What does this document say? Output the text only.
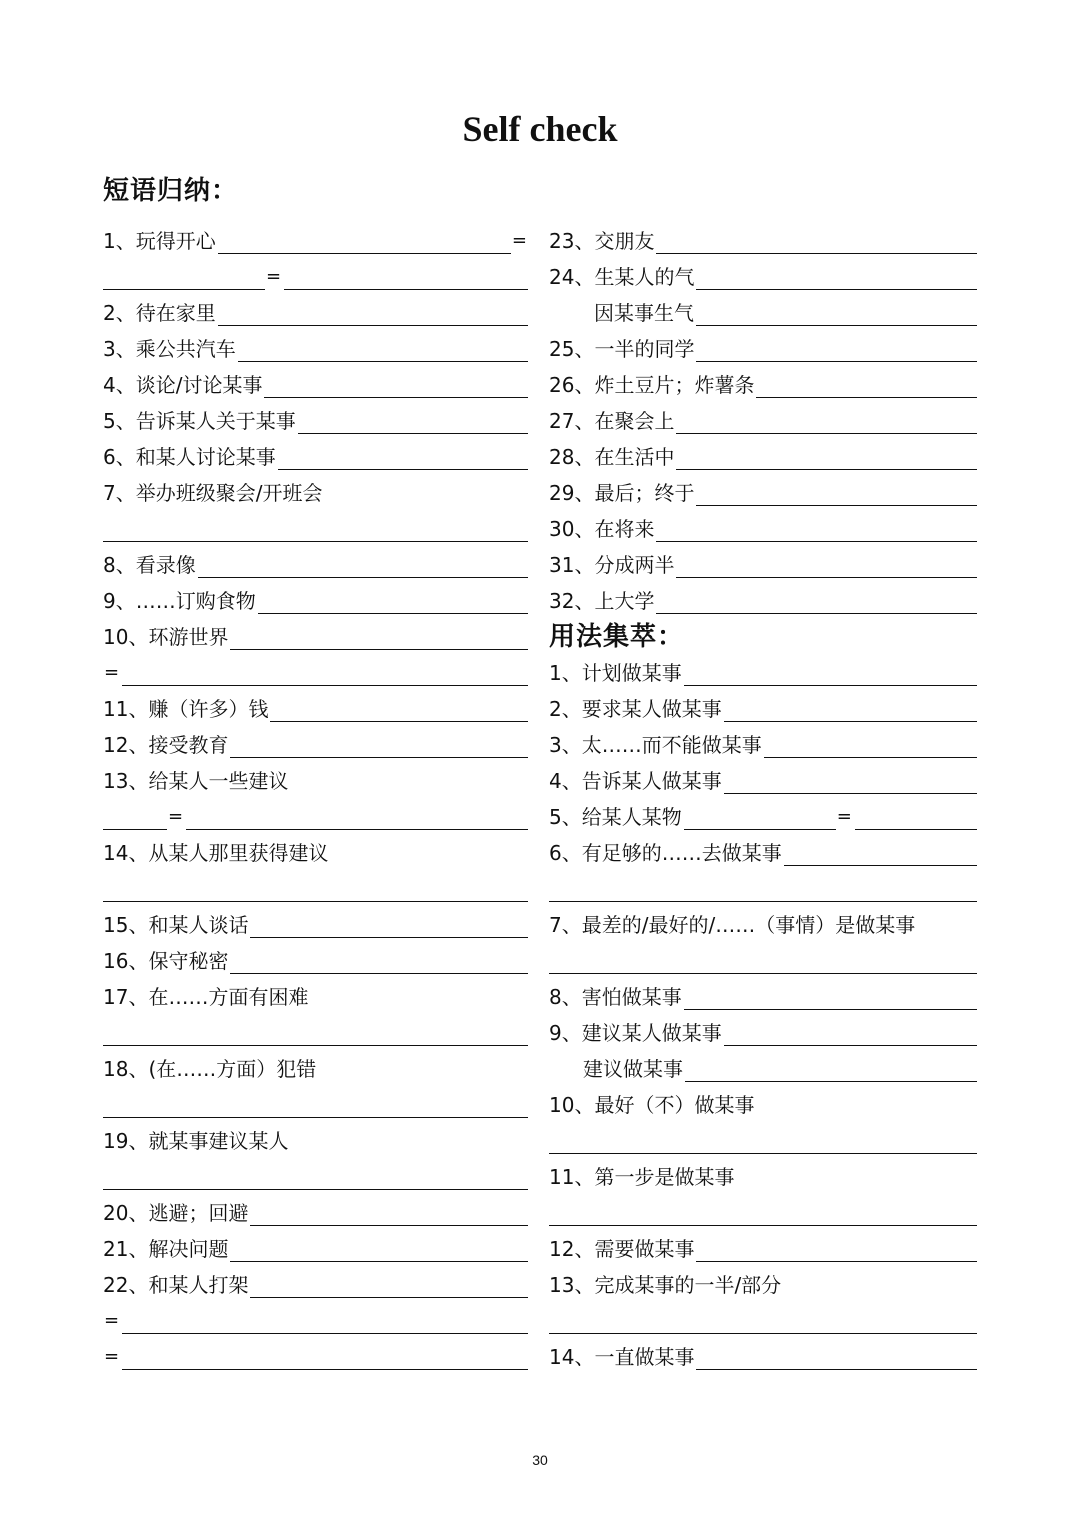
Self check
短语归纳：
1、玩得开心	=
=
2、待在家里
3、乘公共汽车
4、谈论/讨论某事
5、告诉某人关于某事
6、和某人讨论某事
7、举办班级聚会/开班会
8、看录像
9、……订购食物
10、环游世界
=
11、赚（许多）钱
12、接受教育
13、给某人一些建议
=
14、从某人那里获得建议
15、和某人谈话
16、保守秘密
17、在……方面有困难
18、(在……方面）犯错
19、就某事建议某人
20、逃避；回避
21、解决问题
22、和某人打架
=
=
23、交朋友
24、生某人的气
因某事生气
25、一半的同学
26、炸土豆片；炸薯条
27、在聚会上
28、在生活中
29、最后；终于
30、在将来
31、分成两半
32、上大学
用法集萃：
1、计划做某事
2、要求某人做某事
3、太……而不能做某事
4、告诉某人做某事
5、给某人某物	=
6、有足够的……去做某事
7、最差的/最好的/……（事情）是做某事
8、害怕做某事
9、建议某人做某事
建议做某事
10、最好（不）做某事
11、第一步是做某事
12、需要做某事
13、完成某事的一半/部分
14、一直做某事
30
